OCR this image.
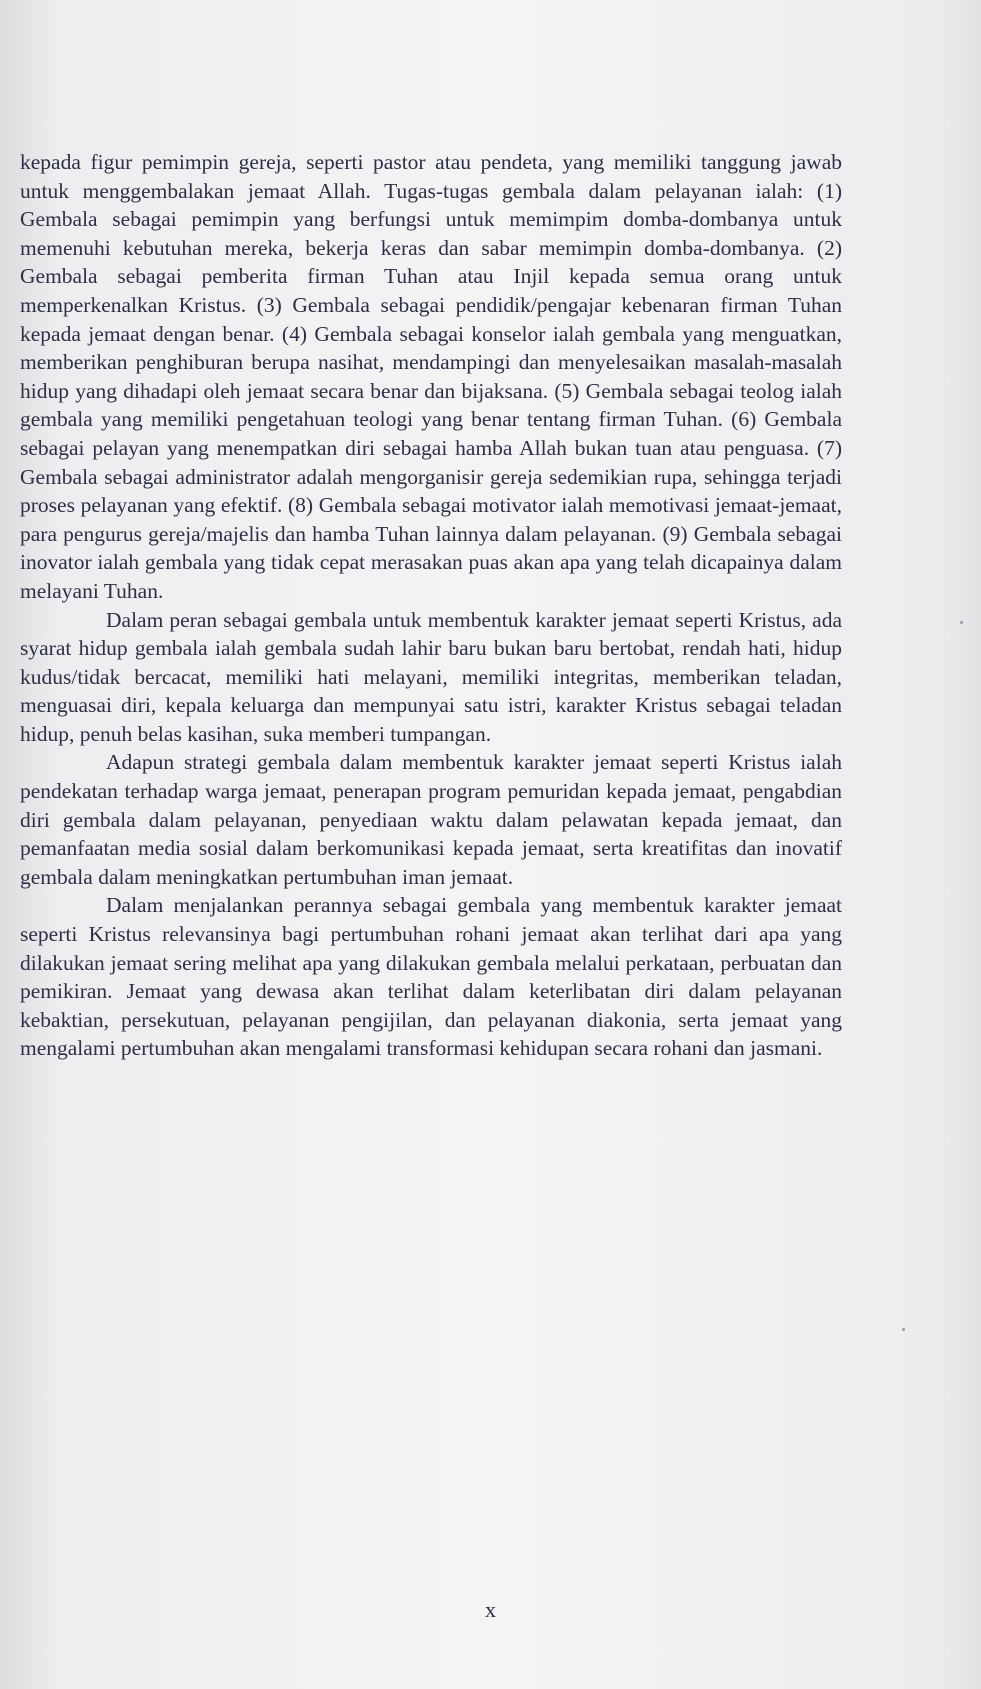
kepada figur pemimpin gereja, seperti pastor atau pendeta, yang memiliki tanggung jawab untuk menggembalakan jemaat Allah. Tugas-tugas gembala dalam pelayanan ialah: (1) Gembala sebagai pemimpin yang berfungsi untuk memimpim domba-dombanya untuk memenuhi kebutuhan mereka, bekerja keras dan sabar memimpin domba-dombanya. (2) Gembala sebagai pemberita firman Tuhan atau Injil kepada semua orang untuk memperkenalkan Kristus. (3) Gembala sebagai pendidik/pengajar kebenaran firman Tuhan kepada jemaat dengan benar. (4) Gembala sebagai konselor ialah gembala yang menguatkan, memberikan penghiburan berupa nasihat, mendampingi dan menyelesaikan masalah-masalah hidup yang dihadapi oleh jemaat secara benar dan bijaksana. (5) Gembala sebagai teolog ialah gembala yang memiliki pengetahuan teologi yang benar tentang firman Tuhan. (6) Gembala sebagai pelayan yang menempatkan diri sebagai hamba Allah bukan tuan atau penguasa. (7) Gembala sebagai administrator adalah mengorganisir gereja sedemikian rupa, sehingga terjadi proses pelayanan yang efektif. (8) Gembala sebagai motivator ialah memotivasi jemaat-jemaat, para pengurus gereja/majelis dan hamba Tuhan lainnya dalam pelayanan. (9) Gembala sebagai inovator ialah gembala yang tidak cepat merasakan puas akan apa yang telah dicapainya dalam melayani Tuhan.

Dalam peran sebagai gembala untuk membentuk karakter jemaat seperti Kristus, ada syarat hidup gembala ialah gembala sudah lahir baru bukan baru bertobat, rendah hati, hidup kudus/tidak bercacat, memiliki hati melayani, memiliki integritas, memberikan teladan, menguasai diri, kepala keluarga dan mempunyai satu istri, karakter Kristus sebagai teladan hidup, penuh belas kasihan, suka memberi tumpangan.

Adapun strategi gembala dalam membentuk karakter jemaat seperti Kristus ialah pendekatan terhadap warga jemaat, penerapan program pemuridan kepada jemaat, pengabdian diri gembala dalam pelayanan, penyediaan waktu dalam pelawatan kepada jemaat, dan pemanfaatan media sosial dalam berkomunikasi kepada jemaat, serta kreatifitas dan inovatif gembala dalam meningkatkan pertumbuhan iman jemaat.

Dalam menjalankan perannya sebagai gembala yang membentuk karakter jemaat seperti Kristus relevansinya bagi pertumbuhan rohani jemaat akan terlihat dari apa yang dilakukan jemaat sering melihat apa yang dilakukan gembala melalui perkataan, perbuatan dan pemikiran. Jemaat yang dewasa akan terlihat dalam keterlibatan diri dalam pelayanan kebaktian, persekutuan, pelayanan pengijilan, dan pelayanan diakonia, serta jemaat yang mengalami pertumbuhan akan mengalami transformasi kehidupan secara rohani dan jasmani.

x
